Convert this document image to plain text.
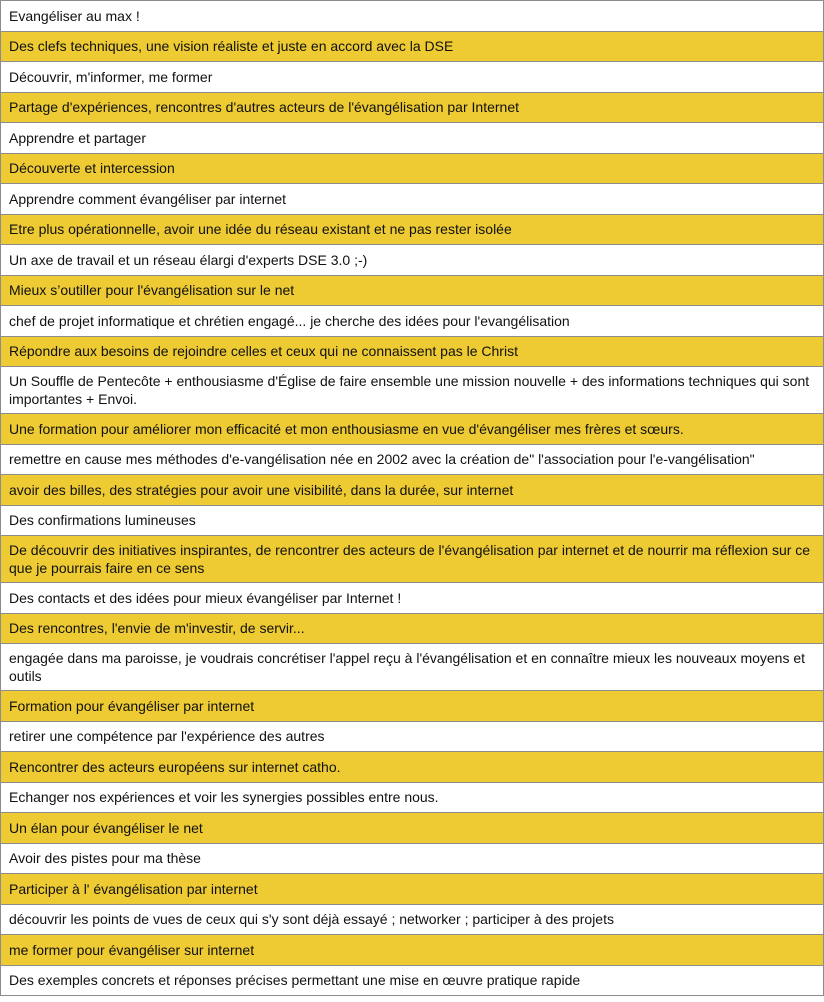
Evangéliser au max !
Des clefs techniques, une vision réaliste et juste en accord avec la DSE
Découvrir, m'informer, me former
Partage d'expériences, rencontres d'autres acteurs de l'évangélisation par Internet
Apprendre et partager
Découverte et intercession
Apprendre comment évangéliser par internet
Etre plus opérationnelle, avoir une idée du réseau existant et ne pas rester isolée
Un axe de travail et un réseau élargi d'experts DSE 3.0 ;-)
Mieux s’outiller pour l'évangélisation sur le net
chef de projet informatique et chrétien engagé... je cherche des idées pour l'evangélisation
Répondre aux besoins de rejoindre celles et ceux qui ne connaissent pas le Christ
Un Souffle de Pentecôte + enthousiasme d'Église de faire ensemble une mission nouvelle + des informations techniques qui sont importantes + Envoi.
Une formation pour améliorer mon efficacité et mon enthousiasme en vue d'évangéliser mes frères et sœurs.
remettre en cause mes méthodes d'e-vangélisation née en 2002 avec la création de" l'association pour l'e-vangélisation"
avoir des billes, des stratégies pour avoir une visibilité, dans la durée, sur internet
Des confirmations lumineuses
De découvrir des initiatives inspirantes, de rencontrer des acteurs de l'évangélisation par internet et de nourrir ma réflexion sur ce que je pourrais faire en ce sens
Des contacts et des idées pour mieux évangéliser par Internet !
Des rencontres, l'envie de m'investir, de servir...
engagée dans ma paroisse, je voudrais concrétiser l'appel reçu à l'évangélisation et en connaître mieux les nouveaux moyens et outils
Formation pour évangéliser par internet
retirer une compétence par l'expérience des autres
Rencontrer des acteurs européens sur internet catho.
Echanger nos expériences et voir les synergies possibles entre nous.
Un élan pour évangéliser le net
Avoir des pistes pour ma thèse
Participer à l' évangélisation par internet
découvrir les points de vues de ceux qui s'y sont déjà essayé ; networker ; participer à des projets
me former pour évangéliser sur internet
Des exemples concrets et réponses précises permettant une mise en œuvre pratique rapide
